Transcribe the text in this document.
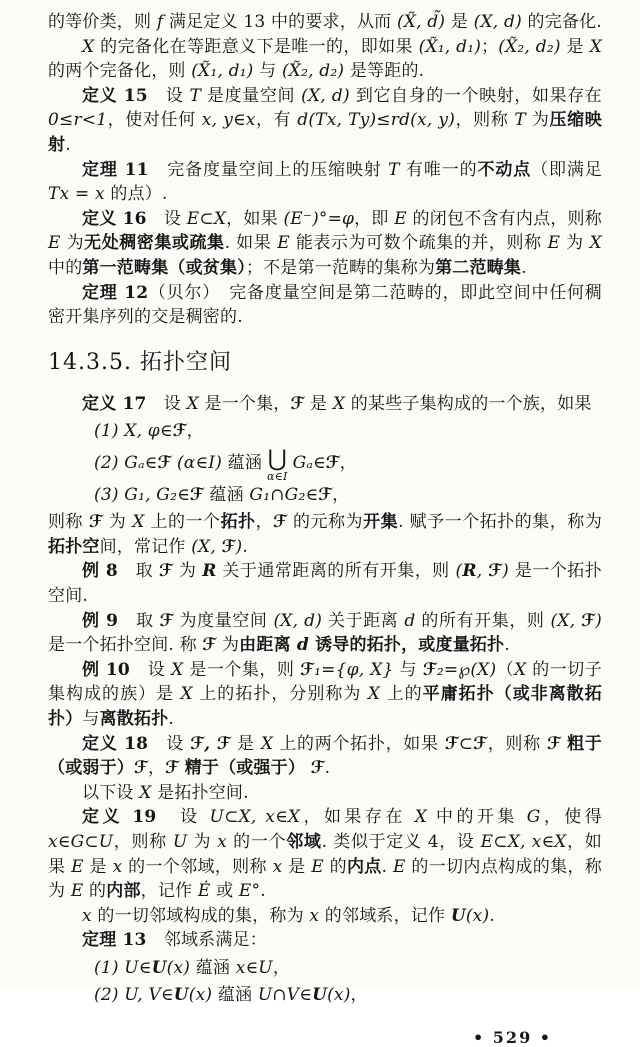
的等价类，则 f 满足定义 13 中的要求，从而 (X̃, d̃) 是 (X, d) 的完备化.

X 的完备化在等距意义下是唯一的，即如果 (X̃₁, d₁)；(X̃₂, d₂) 是 X 的两个完备化，则 (X̃₁, d₁) 与 (X̃₂, d₂) 是等距的.

定义 15　设 T 是度量空间 (X, d) 到它自身的一个映射，如果存在 0≤r<1，使对任何 x, y∈x，有 d(Tx, Ty)≤rd(x, y)，则称 T 为压缩映射.

定理 11　完备度量空间上的压缩映射 T 有唯一的不动点（即满足 Tx = x 的点）.

定义 16　设 E⊂X，如果 (E⁻)°=φ，即 E 的闭包不含有内点，则称 E 为无处稠密集或疏集. 如果 E 能表示为可数个疏集的并，则称 E 为 X 中的第一范畴集（或贫集）；不是第一范畴的集称为第二范畴集.

定理 12（贝尔）　完备度量空间是第二范畴的，即此空间中任何稠密开集序列的交是稠密的.

14.3.5. 拓扑空间

定义 17　设 X 是一个集，ℱ 是 X 的某些子集构成的一个族，如果

(1) X, φ∈ℱ，

(2) Gₐ∈ℱ (α∈I) 蕴涵 ⋃
α∈I
Gₐ∈ℱ，

(3) G₁, G₂∈ℱ 蕴涵 G₁∩G₂∈ℱ，

则称 ℱ 为 X 上的一个拓扑，ℱ 的元称为开集. 赋予一个拓扑的集，称为拓扑空间，常记作 (X, ℱ).

例 8　取 ℱ 为 R 关于通常距离的所有开集，则 (R, ℱ) 是一个拓扑空间.

例 9　取 ℱ 为度量空间 (X, d) 关于距离 d 的所有开集，则 (X, ℱ) 是一个拓扑空间. 称 ℱ 为由距离 d 诱导的拓扑，或度量拓扑.

例 10　设 X 是一个集，则 ℱ₁={φ, X} 与 ℱ₂=℘(X)（X 的一切子集构成的族）是 X 上的拓扑，分别称为 X 上的平庸拓扑（或非离散拓扑）与离散拓扑.

定义 18　设 ℱ, ℱ 是 X 上的两个拓扑，如果 ℱ⊂ℱ，则称 ℱ 粗于（或弱于）ℱ，ℱ 精于（或强于） ℱ.

以下设 X 是拓扑空间.

定义 19　设 U⊂X, x∈X，如果存在 X 中的开集 G，使得 x∈G⊂U，则称 U 为 x 的一个邻域. 类似于定义 4，设 E⊂X, x∈X，如果 E 是 x 的一个邻域，则称 x 是 E 的内点. E 的一切内点构成的集，称为 E 的内部，记作 Ė 或 E°.

x 的一切邻域构成的集，称为 x 的邻域系，记作 U(x).

定理 13　邻域系满足：

(1) U∈U(x) 蕴涵 x∈U，

(2) U, V∈U(x) 蕴涵 U∩V∈U(x)，

• 529 •
